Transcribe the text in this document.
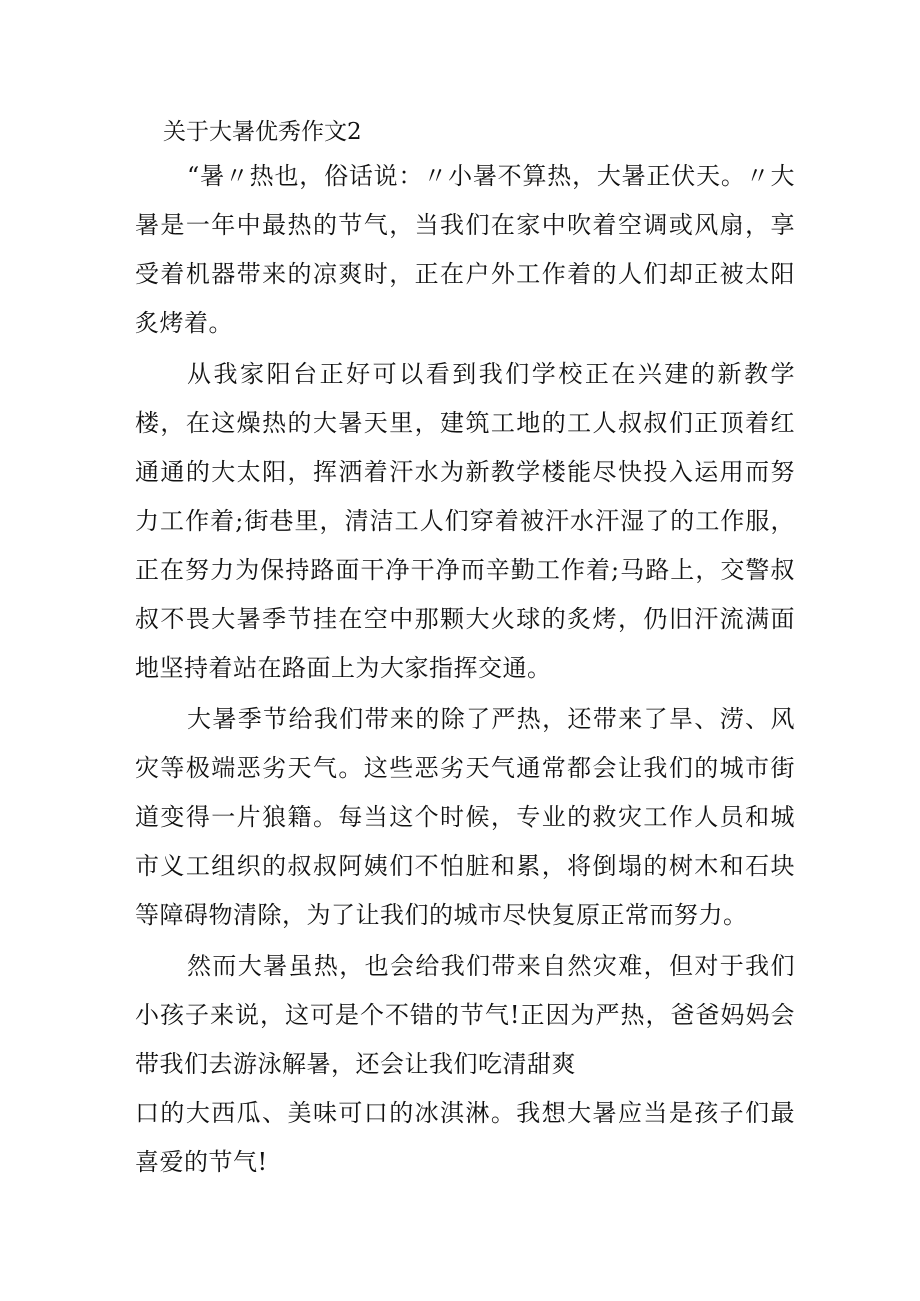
关于大暑优秀作文2

“暑〃热也，俗话说：〃小暑不算热，大暑正伏天。〃大暑是一年中最热的节气，当我们在家中吹着空调或风扇，享受着机器带来的凉爽时，正在户外工作着的人们却正被太阳炙烤着。

从我家阳台正好可以看到我们学校正在兴建的新教学楼，在这燥热的大暑天里，建筑工地的工人叔叔们正顶着红通通的大太阳，挥洒着汗水为新教学楼能尽快投入运用而努力工作着;街巷里，清洁工人们穿着被汗水汗湿了的工作服，正在努力为保持路面干净干净而辛勤工作着;马路上，交警叔叔不畏大暑季节挂在空中那颗大火球的炙烤，仍旧汗流满面地坚持着站在路面上为大家指挥交通。

大暑季节给我们带来的除了严热，还带来了旱、涝、风灾等极端恶劣天气。这些恶劣天气通常都会让我们的城市街道变得一片狼籍。每当这个时候，专业的救灾工作人员和城市义工组织的叔叔阿姨们不怕脏和累，将倒塌的树木和石块等障碍物清除，为了让我们的城市尽快复原正常而努力。

然而大暑虽热，也会给我们带来自然灾难，但对于我们小孩子来说，这可是个不错的节气!正因为严热，爸爸妈妈会带我们去游泳解暑，还会让我们吃清甜爽

口的大西瓜、美味可口的冰淇淋。我想大暑应当是孩子们最喜爱的节气!
